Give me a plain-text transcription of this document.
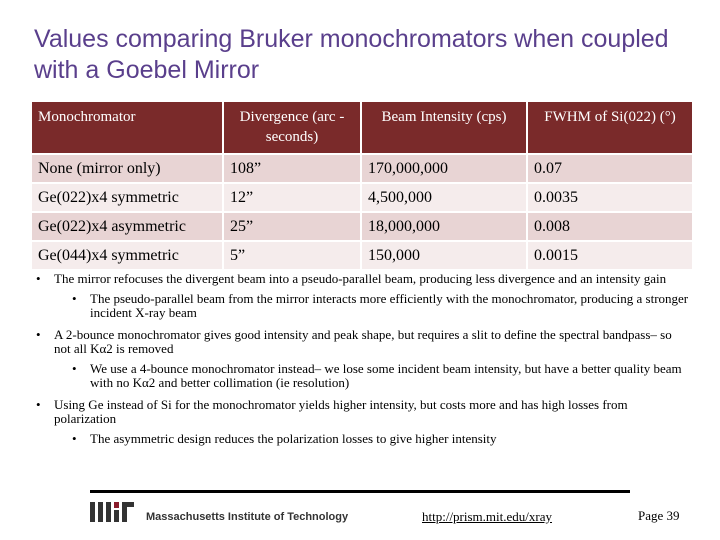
Values comparing Bruker monochromators when coupled with a Goebel Mirror
Monochromator	Divergence (arc -seconds)	Beam Intensity (cps)	FWHM of Si(022) (°)
None (mirror only)	108”	170,000,000	0.07
Ge(022)x4 symmetric	12”	4,500,000	0.0035
Ge(022)x4 asymmetric	25”	18,000,000	0.008
Ge(044)x4 symmetric	5”	150,000	0.0015
• The mirror refocuses the divergent beam into a pseudo-parallel beam, producing less divergence and an intensity gain
• The pseudo-parallel beam from the mirror interacts more efficiently with the monochromator, producing a stronger incident X-ray beam
• A 2-bounce monochromator gives good intensity and peak shape, but requires a slit to define the spectral bandpass– so not all Kα2 is removed
• We use a 4-bounce monochromator instead– we lose some incident beam intensity, but have a better quality beam with no Kα2 and better collimation (ie resolution)
• Using Ge instead of Si for the monochromator yields higher intensity, but costs more and has high losses from polarization
• The asymmetric design reduces the polarization losses to give higher intensity
Massachusetts Institute of Technology	http://prism.mit.edu/xray	Page 39
